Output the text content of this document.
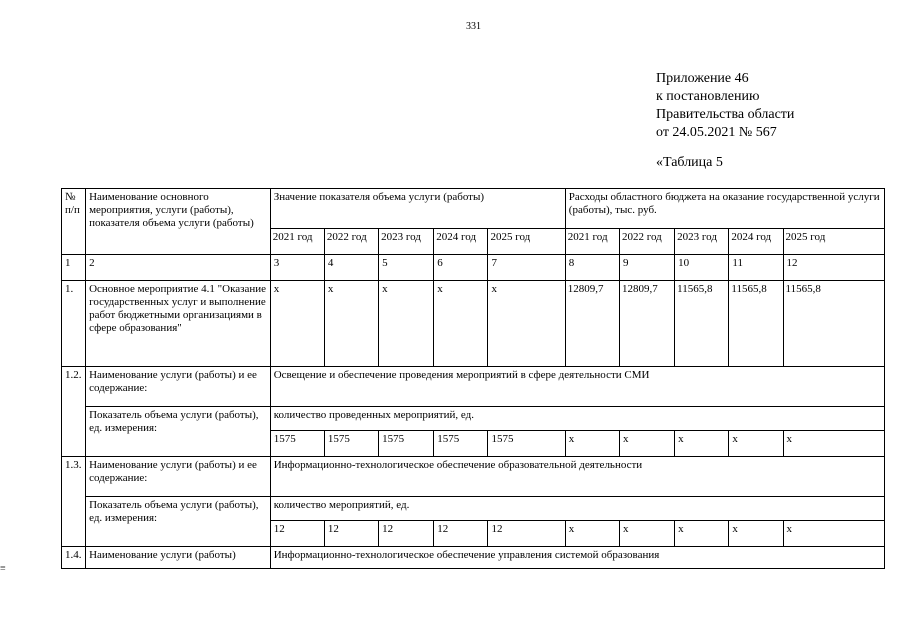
331
Приложение 46
к постановлению
Правительства области
от 24.05.2021 № 567
«Таблица 5
≡
№ п/п	Наименование основного мероприятия, услуги (работы), показателя объема услуги (работы)	Значение показателя объема услуги (работы)					Расходы областного бюджета на оказание государственной услуги (работы), тыс. руб.				
		2021 год	2022 год	2023 год	2024 год	2025 год	2021 год	2022 год	2023 год	2024 год	2025 год
1	2	3	4	5	6	7	8	9	10	11	12
1.	Основное мероприятие 4.1 "Оказание государственных услуг и выполнение работ бюджетными организациями в сфере образования"	x	x	x	x	x	12809,7	12809,7	11565,8	11565,8	11565,8
1.2.	Наименование услуги (работы) и ее содержание:	Освещение и обеспечение проведения мероприятий в сфере деятельности СМИ									
	Показатель объема услуги (работы), ед. измерения:	количество проведенных мероприятий, ед.									
		1575	1575	1575	1575	1575	x	x	x	x	x
1.3.	Наименование услуги (работы) и ее содержание:	Информационно-технологическое обеспечение образовательной деятельности									
	Показатель объема услуги (работы), ед. измерения:	количество мероприятий, ед.									
		12	12	12	12	12	x	x	x	x	x
1.4.	Наименование услуги (работы)	Информационно-технологическое обеспечение управления системой образования									
